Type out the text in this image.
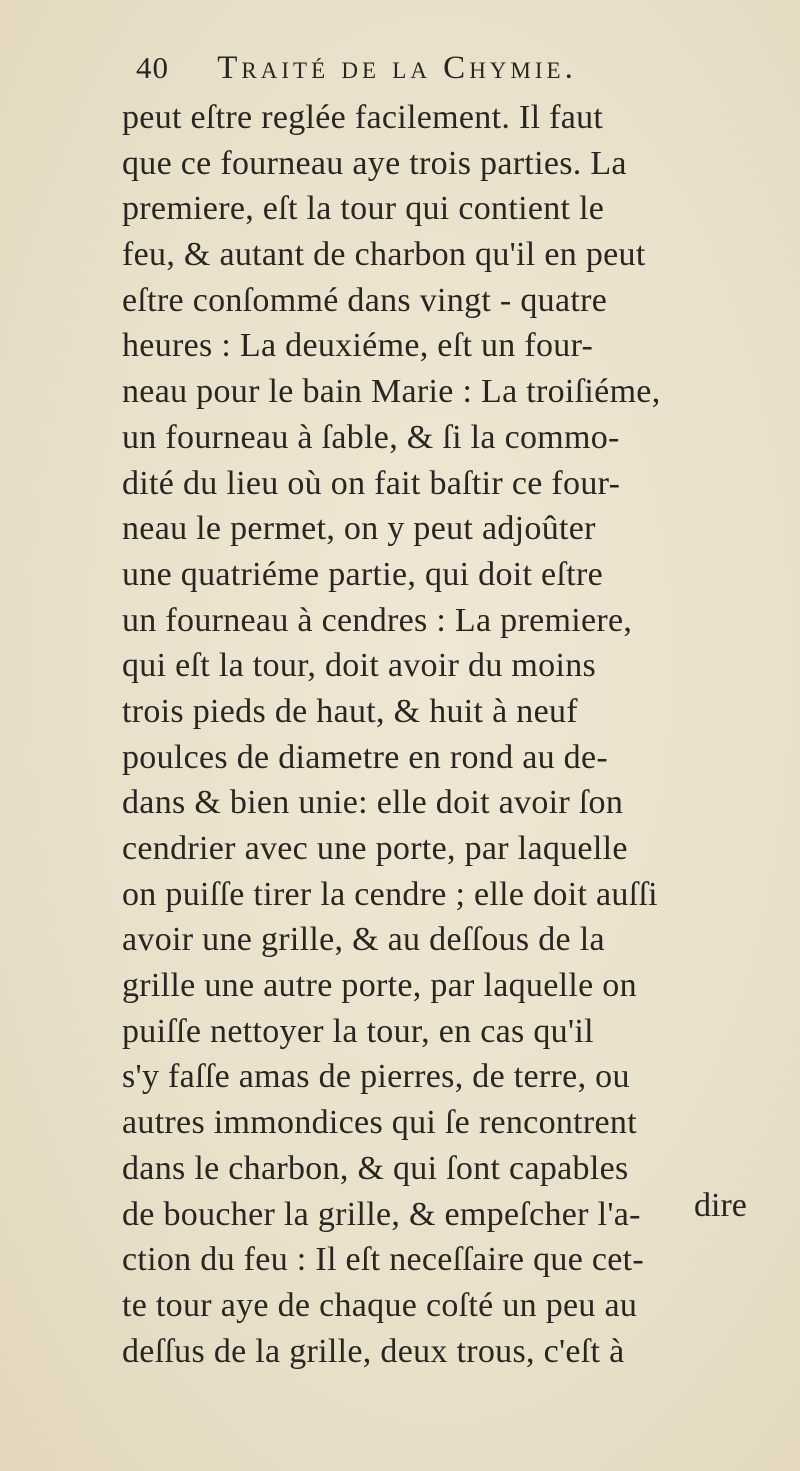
40 Traité de la Chymie.
peut eſtre reglée facilement. Il faut
que ce fourneau aye trois parties. La
premiere, eſt la tour qui contient le
feu, & autant de charbon qu'il en peut
eſtre conſommé dans vingt - quatre
heures : La deuxiéme, eſt un four-
neau pour le bain Marie : La troiſiéme,
un fourneau à ſable, & ſi la commo-
dité du lieu où on fait baſtir ce four-
neau le permet, on y peut adjoûter
une quatriéme partie, qui doit eſtre
un fourneau à cendres : La premiere,
qui eſt la tour, doit avoir du moins
trois pieds de haut, & huit à neuf
poulces de diametre en rond au de-
dans & bien unie: elle doit avoir ſon
cendrier avec une porte, par laquelle
on puiſſe tirer la cendre ; elle doit auſſi
avoir une grille, & au deſſous de la
grille une autre porte, par laquelle on
puiſſe nettoyer la tour, en cas qu'il
s'y faſſe amas de pierres, de terre, ou
autres immondices qui ſe rencontrent
dans le charbon, & qui ſont capables
de boucher la grille, & empeſcher l'a-
ction du feu : Il eſt neceſſaire que cet-
te tour aye de chaque coſté un peu au
deſſus de la grille, deux trous, c'eſt à
dire
